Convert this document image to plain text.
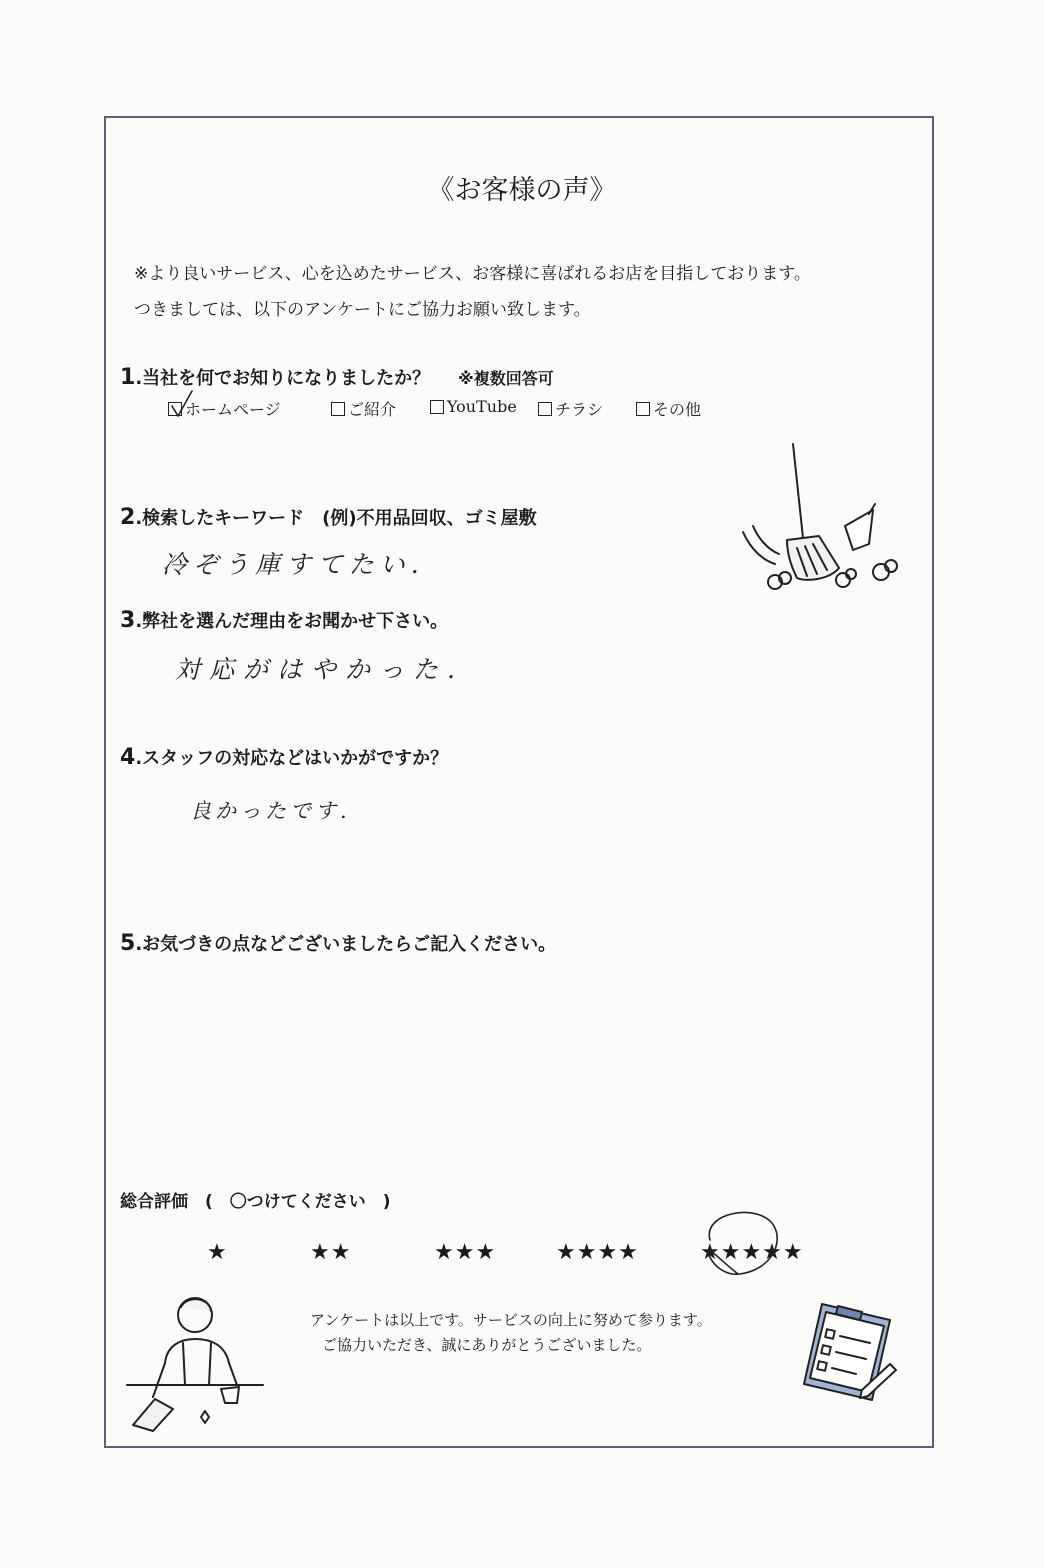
《お客様の声》
※より良いサービス、心を込めたサービス、お客様に喜ばれるお店を目指しております。
つきましては、以下のアンケートにご協力お願い致します。
1.当社を何でお知りになりましたか？ ※複数回答可
ホームページ	ご紹介	YouTube チラシ	その他
2.検索したキーワード　(例)不用品回収、ゴミ屋敷
冷ぞう庫すてたい.
3.弊社を選んだ理由をお聞かせ下さい。
対応がはやかった.
4.スタッフの対応などはいかがですか？
良かったです.
5.お気づきの点などございましたらご記入ください。
総合評価　(　〇つけてください　)
★	★★	★★★	★★★★	★★★★★
アンケートは以上です。サービスの向上に努めて参ります。
ご協力いただき、誠にありがとうございました。
